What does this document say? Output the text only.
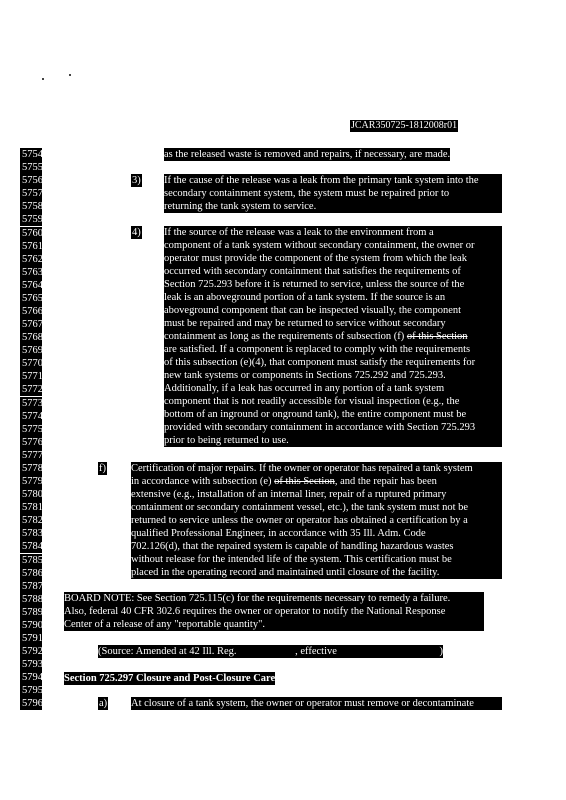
JCAR350725-1812008r01
5754
5755
5756
5757
5758
5759
5760
5761
5762
5763
5764
5765
5766
5767
5768
5769
5770
5771
5772
5773
5774
5775
5776
5777
5778
5779
5780
5781
5782
5783
5784
5785
5786
5787
5788
5789
5790
5791
5792
5793
5794
5795
5796
as the released waste is removed and repairs, if necessary, are made.
3) If the cause of the release was a leak from the primary tank system into the
secondary containment system, the system must be repaired prior to
returning the tank system to service.
4) If the source of the release was a leak to the environment from a
component of a tank system without secondary containment, the owner or
operator must provide the component of the system from which the leak
occurred with secondary containment that satisfies the requirements of
Section 725.293 before it is returned to service, unless the source of the
leak is an aboveground portion of a tank system. If the source is an
aboveground component that can be inspected visually, the component
must be repaired and may be returned to service without secondary
containment as long as the requirements of subsection (f) of this Section
are satisfied. If a component is replaced to comply with the requirements
of this subsection (e)(4), that component must satisfy the requirements for
new tank systems or components in Sections 725.292 and 725.293.
Additionally, if a leak has occurred in any portion of a tank system
component that is not readily accessible for visual inspection (e.g., the
bottom of an inground or onground tank), the entire component must be
provided with secondary containment in accordance with Section 725.293
prior to being returned to use.
f) Certification of major repairs. If the owner or operator has repaired a tank system
in accordance with subsection (e) of this Section, and the repair has been
extensive (e.g., installation of an internal liner, repair of a ruptured primary
containment or secondary containment vessel, etc.), the tank system must not be
returned to service unless the owner or operator has obtained a certification by a
qualified Professional Engineer, in accordance with 35 Ill. Adm. Code
702.126(d), that the repaired system is capable of handling hazardous wastes
without release for the intended life of the system. This certification must be
placed in the operating record and maintained until closure of the facility.
BOARD NOTE: See Section 725.115(c) for the requirements necessary to remedy a failure.
Also, federal 40 CFR 302.6 requires the owner or operator to notify the National Response
Center of a release of any "reportable quantity".
(Source: Amended at 42 Ill. Reg.	, effective	)
Section 725.297 Closure and Post-Closure Care
a) At closure of a tank system, the owner or operator must remove or decontaminate
